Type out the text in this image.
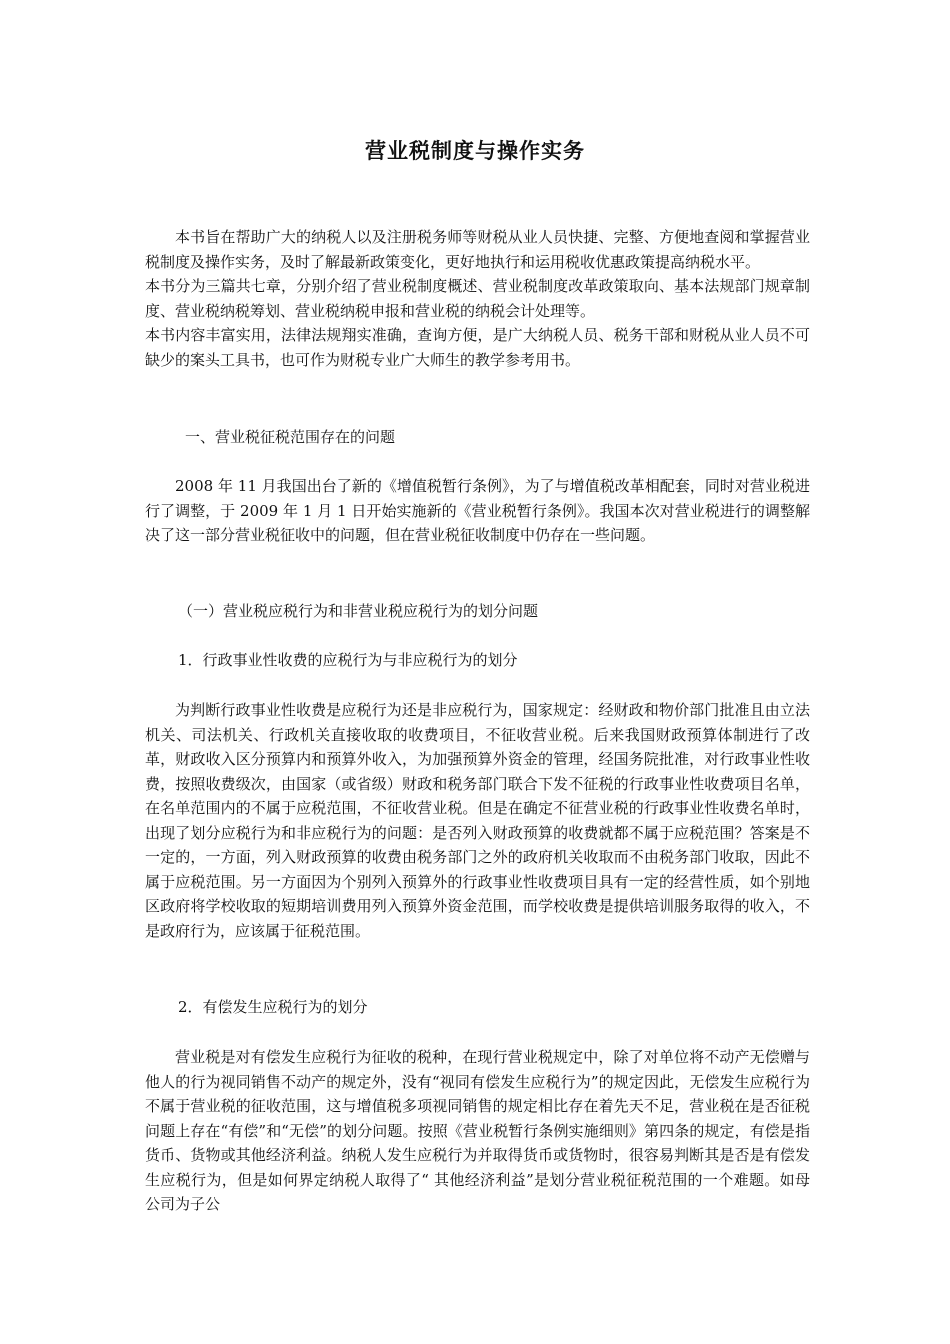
营业税制度与操作实务

本书旨在帮助广大的纳税人以及注册税务师等财税从业人员快捷、完整、方便地查阅和掌握营业税制度及操作实务，及时了解最新政策变化，更好地执行和运用税收优惠政策提高纳税水平。

本书分为三篇共七章，分别介绍了营业税制度概述、营业税制度改革政策取向、基本法规部门规章制度、营业税纳税筹划、营业税纳税申报和营业税的纳税会计处理等。

本书内容丰富实用，法律法规翔实准确，查询方便，是广大纳税人员、税务干部和财税从业人员不可缺少的案头工具书，也可作为财税专业广大师生的教学参考用书。

一、营业税征税范围存在的问题

2008 年 11 月我国出台了新的《增值税暂行条例》，为了与增值税改革相配套，同时对营业税进行了调整，于 2009 年 1 月 1 日开始实施新的《营业税暂行条例》。我国本次对营业税进行的调整解决了这一部分营业税征收中的问题，但在营业税征收制度中仍存在一些问题。

（一）营业税应税行为和非营业税应税行为的划分问题
1．行政事业性收费的应税行为与非应税行为的划分

为判断行政事业性收费是应税行为还是非应税行为，国家规定：经财政和物价部门批准且由立法机关、司法机关、行政机关直接收取的收费项目，不征收营业税。后来我国财政预算体制进行了改革，财政收入区分预算内和预算外收入，为加强预算外资金的管理，经国务院批准，对行政事业性收费，按照收费级次，由国家（或省级）财政和税务部门联合下发不征税的行政事业性收费项目名单，在名单范围内的不属于应税范围，不征收营业税。但是在确定不征营业税的行政事业性收费名单时，出现了划分应税行为和非应税行为的问题：是否列入财政预算的收费就都不属于应税范围？答案是不一定的，一方面，列入财政预算的收费由税务部门之外的政府机关收取而不由税务部门收取，因此不属于应税范围。另一方面因为个别列入预算外的行政事业性收费项目具有一定的经营性质，如个别地区政府将学校收取的短期培训费用列入预算外资金范围，而学校收费是提供培训服务取得的收入，不是政府行为，应该属于征税范围。

2．有偿发生应税行为的划分

营业税是对有偿发生应税行为征收的税种，在现行营业税规定中，除了对单位将不动产无偿赠与他人的行为视同销售不动产的规定外，没有“视同有偿发生应税行为”的规定因此，无偿发生应税行为不属于营业税的征收范围，这与增值税多项视同销售的规定相比存在着先天不足，营业税在是否征税问题上存在“有偿”和“无偿”的划分问题。按照《营业税暂行条例实施细则》第四条的规定，有偿是指货币、货物或其他经济利益。纳税人发生应税行为并取得货币或货物时，很容易判断其是否是有偿发生应税行为，但是如何界定纳税人取得了“ 其他经济利益”是划分营业税征税范围的一个难题。如母公司为子公
